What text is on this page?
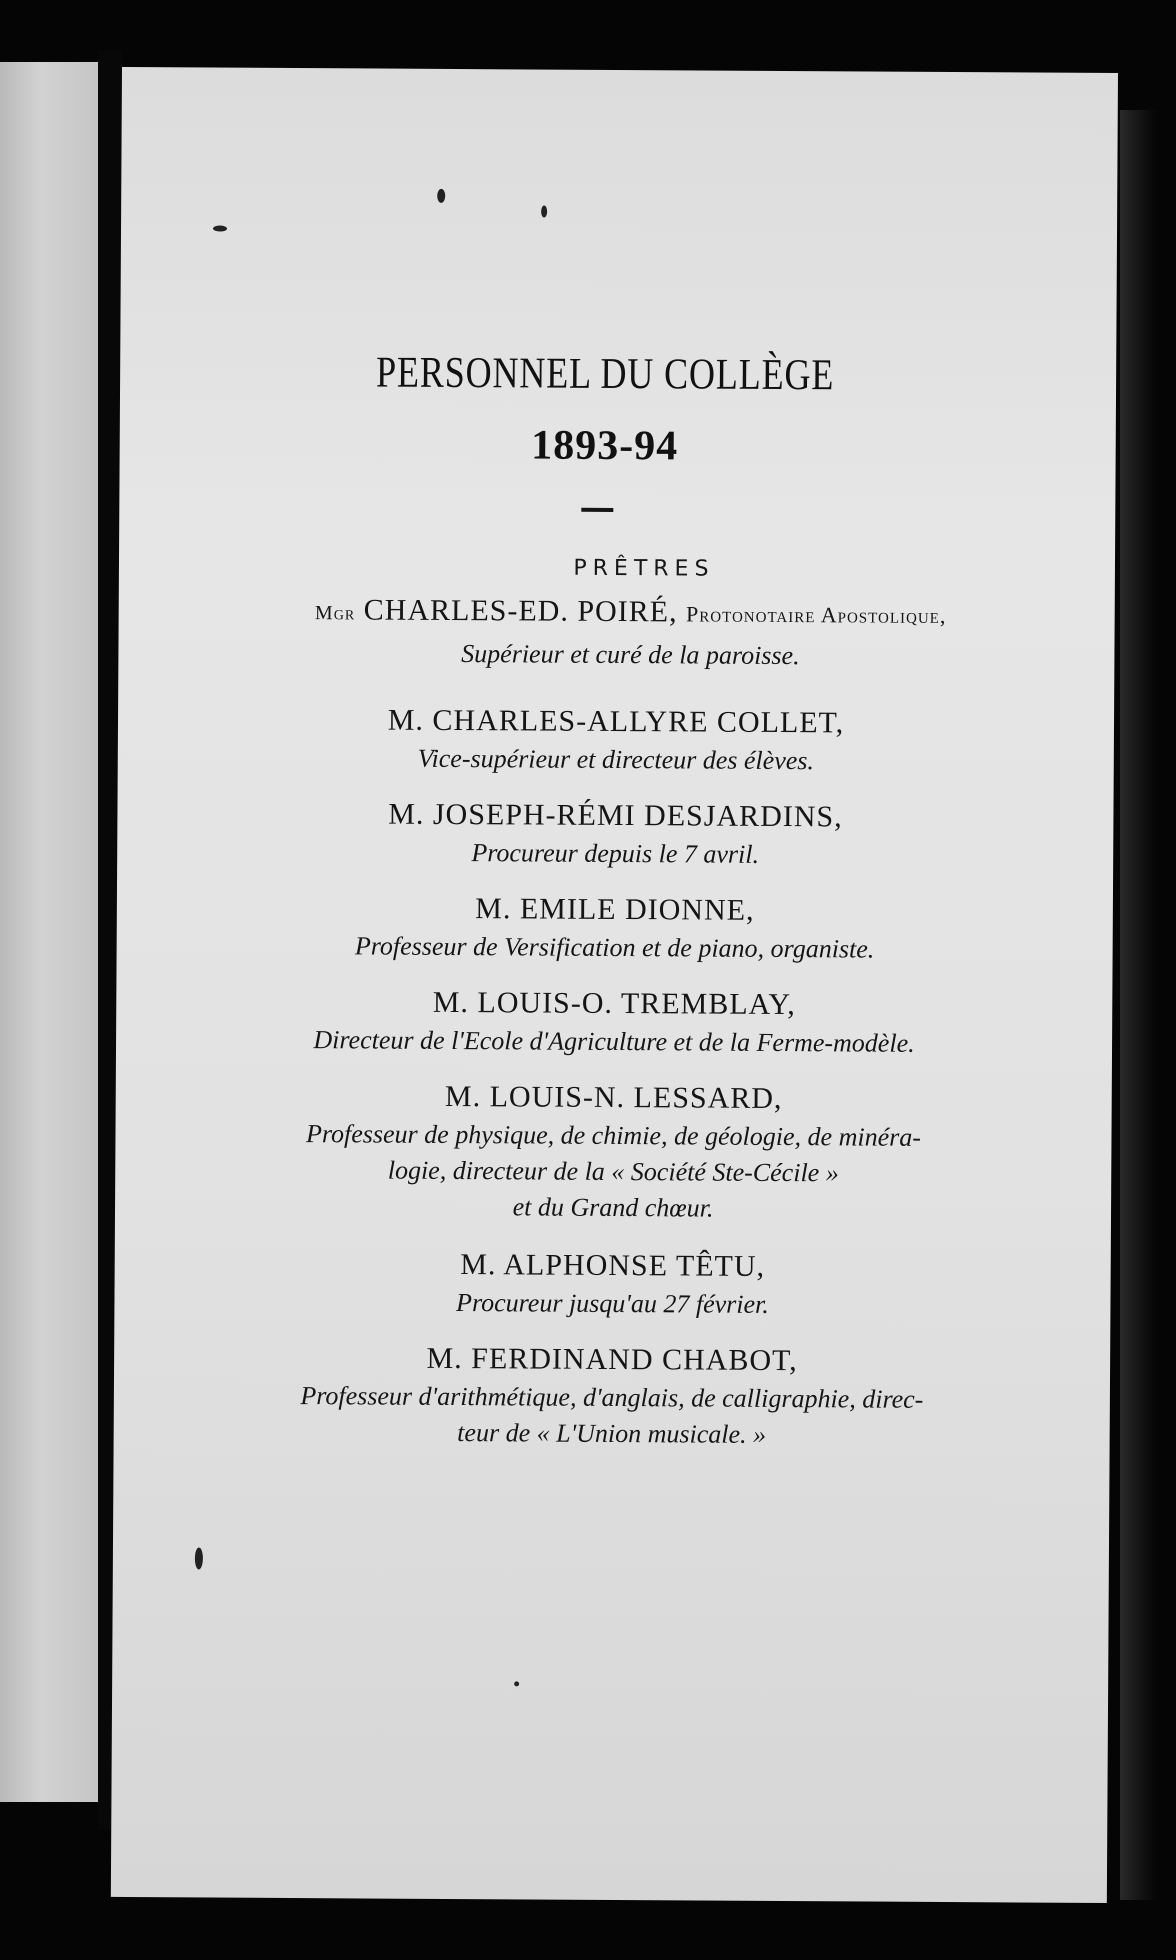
PERSONNEL DU COLLÈGE
1893-94
PRÊTRES
Mgr CHARLES-ED. POIRÉ, Protonotaire Apostolique,
Supérieur et curé de la paroisse.
M. CHARLES-ALLYRE COLLET,
Vice-supérieur et directeur des élèves.
M. JOSEPH-RÉMI DESJARDINS,
Procureur depuis le 7 avril.
M. EMILE DIONNE,
Professeur de Versification et de piano, organiste.
M. LOUIS-O. TREMBLAY,
Directeur de l'Ecole d'Agriculture et de la Ferme-modèle.
M. LOUIS-N. LESSARD,
Professeur de physique, de chimie, de géologie, de minéra-
logie, directeur de la « Société Ste-Cécile »
et du Grand chœur.
M. ALPHONSE TÊTU,
Procureur jusqu'au 27 février.
M. FERDINAND CHABOT,
Professeur d'arithmétique, d'anglais, de calligraphie, direc-
teur de « L'Union musicale. »
